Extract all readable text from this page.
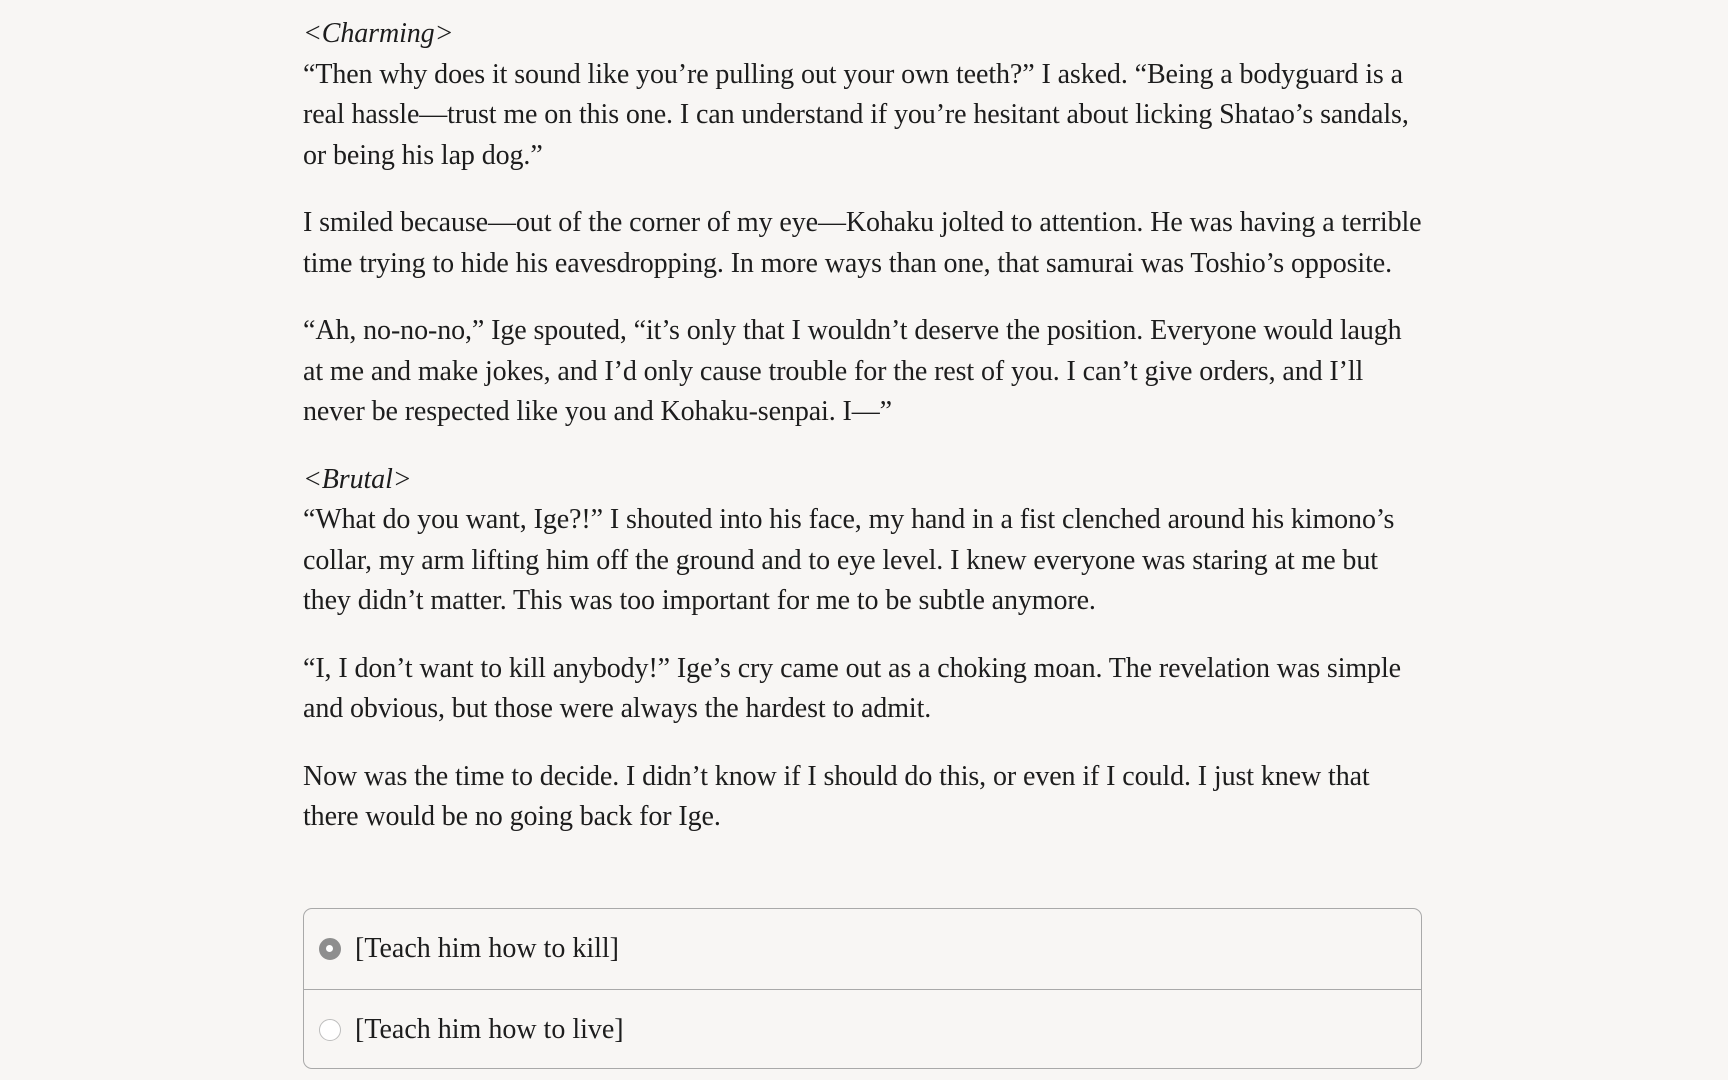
<Charming>
“Then why does it sound like you’re pulling out your own teeth?” I asked. “Being a bodyguard is a real hassle—trust me on this one. I can understand if you’re hesitant about licking Shatao’s sandals, or being his lap dog.”

I smiled because—out of the corner of my eye—Kohaku jolted to attention. He was having a terrible time trying to hide his eavesdropping. In more ways than one, that samurai was Toshio’s opposite.

“Ah, no-no-no,” Ige spouted, “it’s only that I wouldn’t deserve the position. Everyone would laugh at me and make jokes, and I’d only cause trouble for the rest of you. I can’t give orders, and I’ll never be respected like you and Kohaku-senpai. I—”

<Brutal>
“What do you want, Ige?!” I shouted into his face, my hand in a fist clenched around his kimono’s collar, my arm lifting him off the ground and to eye level. I knew everyone was staring at me but they didn’t matter. This was too important for me to be subtle anymore.

“I, I don’t want to kill anybody!” Ige’s cry came out as a choking moan. The revelation was simple and obvious, but those were always the hardest to admit.

Now was the time to decide. I didn’t know if I should do this, or even if I could. I just knew that there would be no going back for Ige.

[Teach him how to kill]
[Teach him how to live]
